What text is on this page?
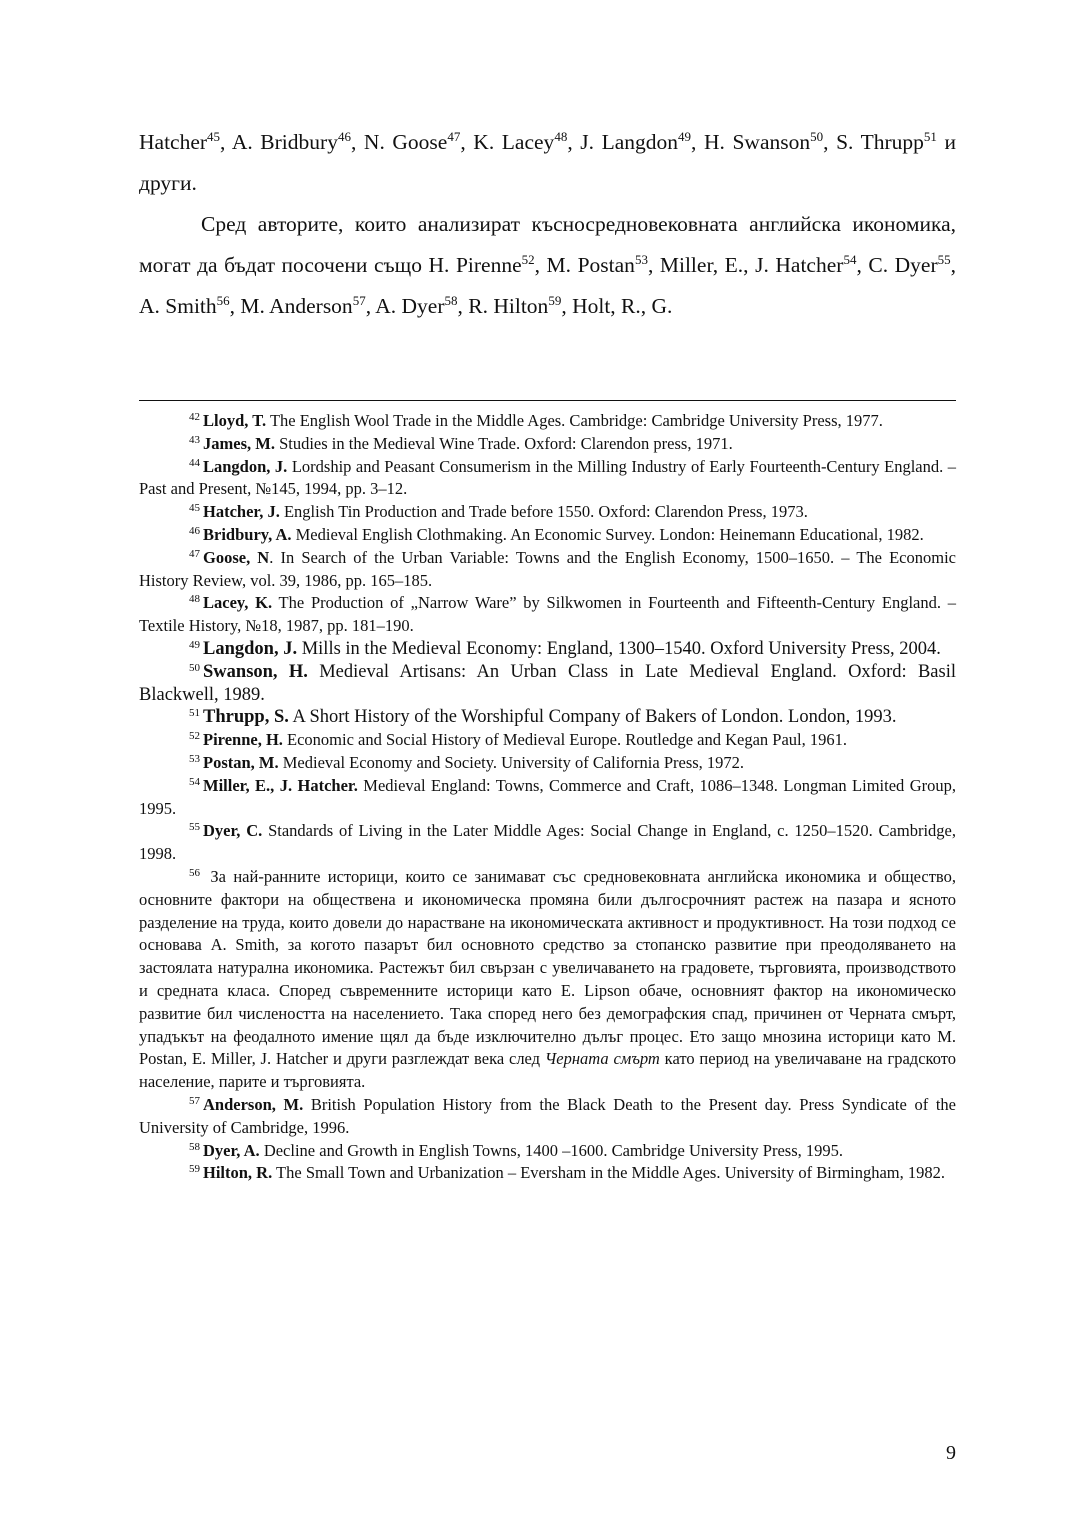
Hatcher$^{45}$, A. Bridbury$^{46}$, N. Goose$^{47}$, K. Lacey$^{48}$, J. Langdon$^{49}$, H. Swanson$^{50}$, S. Thrupp$^{51}$ и други.

Сред авторите, които анализират късносредновековната английска икономика, могат да бъдат посочени също H. Pirenne$^{52}$, M. Postan$^{53}$, Miller, E., J. Hatcher$^{54}$, C. Dyer$^{55}$, A. Smith$^{56}$, M. Anderson$^{57}$, A. Dyer$^{58}$, R. Hilton$^{59}$, Holt, R., G.

$^{42}$ Lloyd, T. The English Wool Trade in the Middle Ages. Cambridge: Cambridge University Press, 1977.

$^{43}$ James, M. Studies in the Medieval Wine Trade. Oxford: Clarendon press, 1971.

$^{44}$ Langdon, J. Lordship and Peasant Consumerism in the Milling Industry of Early Fourteenth-Century England. – Past and Present, №145, 1994, pp. 3–12.

$^{45}$ Hatcher, J. English Tin Production and Trade before 1550. Oxford: Clarendon Press, 1973.

$^{46}$ Bridbury, A. Medieval English Clothmaking. An Economic Survey. London: Heinemann Educational, 1982.

$^{47}$ Goose, N. In Search of the Urban Variable: Towns and the English Economy, 1500–1650. – The Economic History Review, vol. 39, 1986, pp. 165–185.

$^{48}$ Lacey, K. The Production of „Narrow Ware” by Silkwomen in Fourteenth and Fifteenth-Century England. – Textile History, №18, 1987, pp. 181–190.

$^{49}$ Langdon, J. Mills in the Medieval Economy: England, 1300–1540. Oxford University Press, 2004.

$^{50}$ Swanson, H. Medieval Artisans: An Urban Class in Late Medieval England. Oxford: Basil Blackwell, 1989.

$^{51}$ Thrupp, S. A Short History of the Worshipful Company of Bakers of London. London, 1993.

$^{52}$ Pirenne, H. Economic and Social History of Medieval Europe. Routledge and Kegan Paul, 1961.

$^{53}$ Postan, M. Medieval Economy and Society. University of California Press, 1972.

$^{54}$ Miller, E., J. Hatcher. Medieval England: Towns, Commerce and Craft, 1086–1348. Longman Limited Group, 1995.

$^{55}$ Dyer, C. Standards of Living in the Later Middle Ages: Social Change in England, c. 1250–1520. Cambridge, 1998.

$^{56}$ За най-ранните историци, които се занимават със средновековната английска икономика и общество, основните фактори на обществена и икономическа промяна били дългосрочният растеж на пазара и ясното разделение на труда, които довели до нарастване на икономическата активност и продуктивност. На този подход се основава A. Smith, за когото пазарът бил основното средство за стопанско развитие при преодоляването на застоялата натурална икономика. Растежът бил свързан с увеличаването на градовете, търговията, производството и средната класа. Според съвременните историци като E. Lipson обаче, основният фактор на икономическо развитие бил числеността на населението. Така според него без демографския спад, причинен от Черната смърт, упадъкът на феодалното имение щял да бъде изключително дълъг процес. Ето защо мнозина историци като M. Postan, E. Miller, J. Hatcher и други разглеждат века след Черната смърт като период на увеличаване на градското население, парите и търговията.

$^{57}$ Anderson, M. British Population History from the Black Death to the Present day. Press Syndicate of the University of Cambridge, 1996.

$^{58}$ Dyer, A. Decline and Growth in English Towns, 1400 –1600. Cambridge University Press, 1995.

$^{59}$ Hilton, R. The Small Town and Urbanization – Eversham in the Middle Ages. University of Birmingham, 1982.

9
